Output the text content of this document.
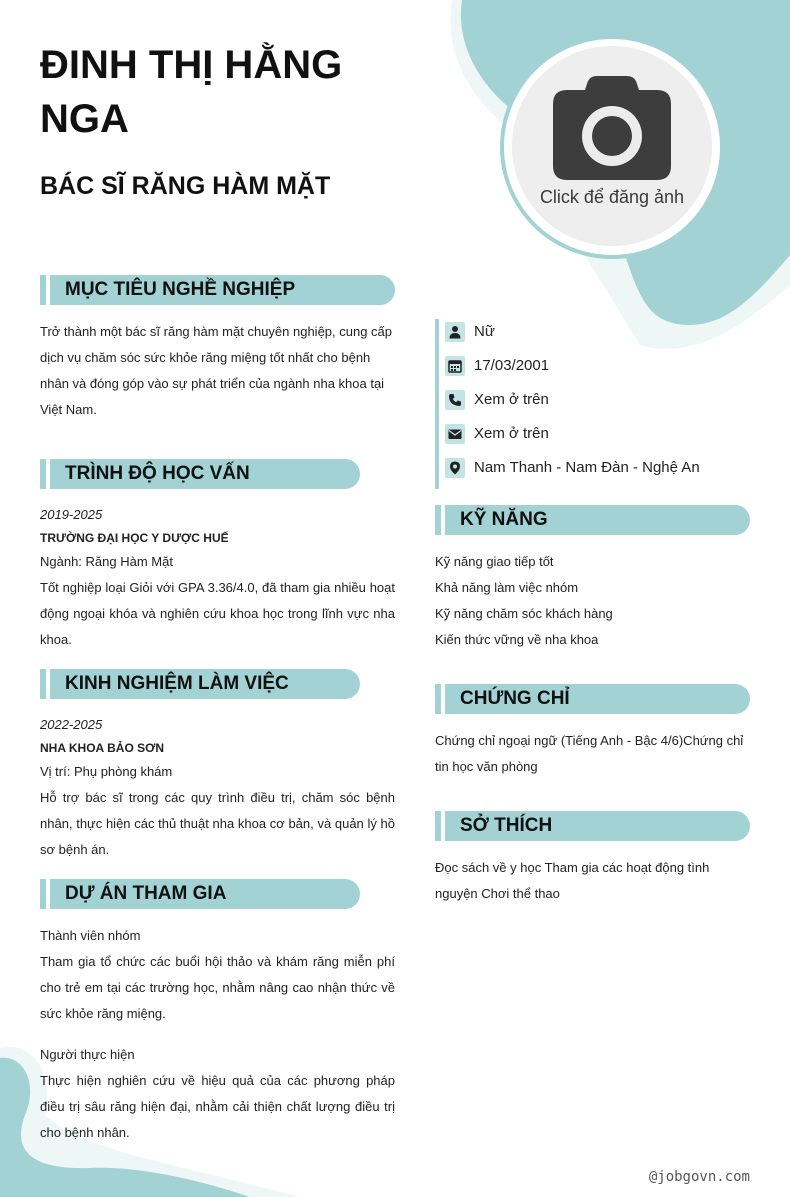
ĐINH THỊ HẰNG NGA
BÁC SĨ RĂNG HÀM MẶT	Click để đăng ảnh
MỤC TIÊU NGHỀ NGHIỆP
Trở thành một bác sĩ răng hàm mặt chuyên nghiệp, cung cấp dịch vụ chăm sóc sức khỏe răng miệng tốt nhất cho bệnh nhân và đóng góp vào sự phát triển của ngành nha khoa tại Việt Nam.
TRÌNH ĐỘ HỌC VẤN
2019-2025
TRƯỜNG ĐẠI HỌC Y DƯỢC HUẾ
Ngành: Răng Hàm Mặt
Tốt nghiệp loại Giỏi với GPA 3.36/4.0, đã tham gia nhiều hoạt động ngoại khóa và nghiên cứu khoa học trong lĩnh vực nha khoa.
KINH NGHIỆM LÀM VIỆC
2022-2025
NHA KHOA BẢO SƠN
Vị trí: Phụ phòng khám
Hỗ trợ bác sĩ trong các quy trình điều trị, chăm sóc bệnh nhân, thực hiện các thủ thuật nha khoa cơ bản, và quản lý hồ sơ bệnh án.
DỰ ÁN THAM GIA
Thành viên nhóm
Tham gia tổ chức các buổi hội thảo và khám răng miễn phí cho trẻ em tại các trường học, nhằm nâng cao nhận thức về sức khỏe răng miệng.
Người thực hiện
Thực hiện nghiên cứu về hiệu quả của các phương pháp điều trị sâu răng hiện đại, nhằm cải thiện chất lượng điều trị cho bệnh nhân.
Nữ
17/03/2001
Xem ở trên
Xem ở trên
Nam Thanh - Nam Đàn - Nghệ An
KỸ NĂNG
Kỹ năng giao tiếp tốt
Khả năng làm việc nhóm
Kỹ năng chăm sóc khách hàng
Kiến thức vững về nha khoa
CHỨNG CHỈ
Chứng chỉ ngoại ngữ (Tiếng Anh - Bậc 4/6)Chứng chỉ tin học văn phòng
SỞ THÍCH
Đọc sách về y học Tham gia các hoạt động tình nguyện Chơi thể thao
@jobgovn.com
